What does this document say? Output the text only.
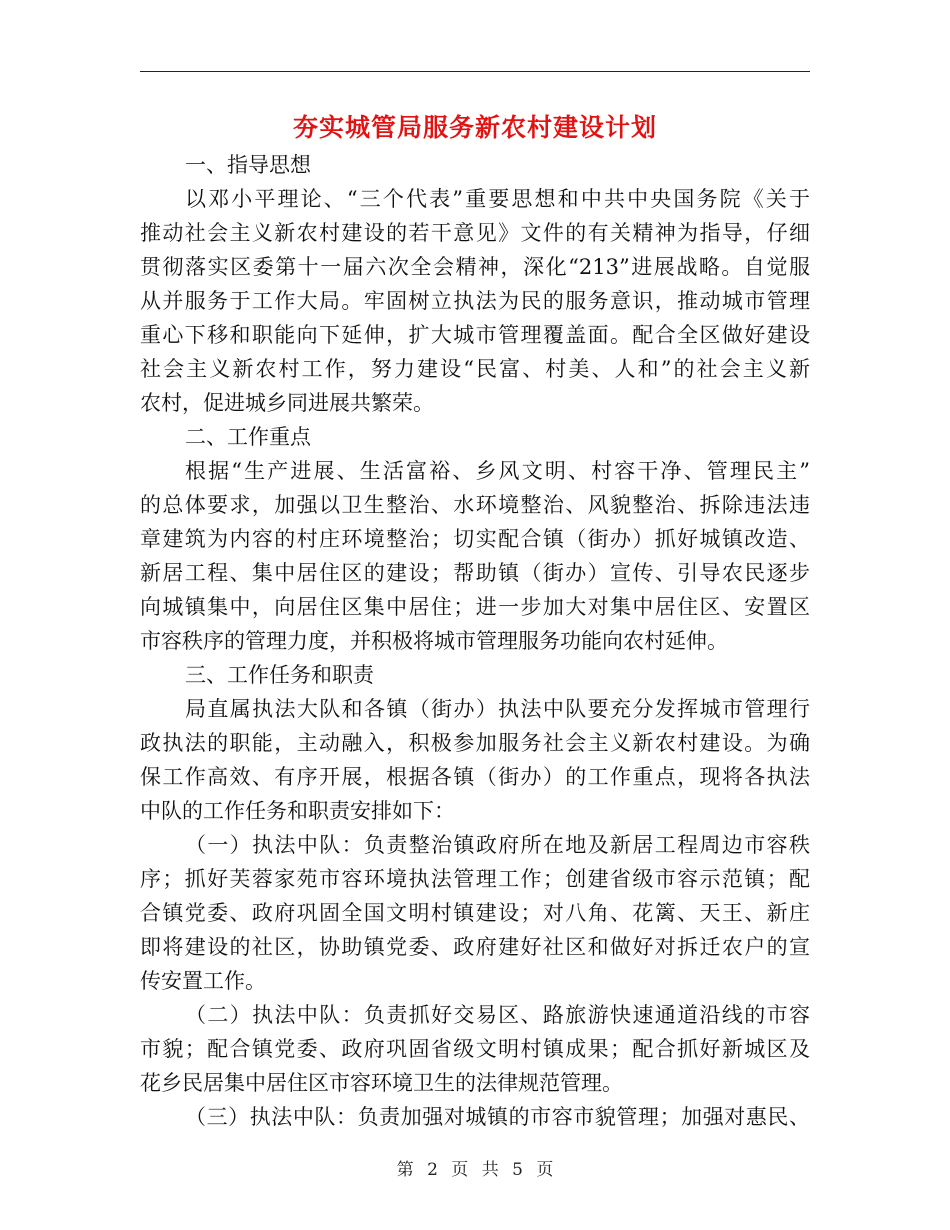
夯实城管局服务新农村建设计划
一、指导思想
以邓小平理论、“三个代表”重要思想和中共中央国务院《关于
推动社会主义新农村建设的若干意见》文件的有关精神为指导，仔细
贯彻落实区委第十一届六次全会精神，深化“213”进展战略。自觉服
从并服务于工作大局。牢固树立执法为民的服务意识，推动城市管理
重心下移和职能向下延伸，扩大城市管理覆盖面。配合全区做好建设
社会主义新农村工作，努力建设“民富、村美、人和”的社会主义新
农村，促进城乡同进展共繁荣。
二、工作重点
根据“生产进展、生活富裕、乡风文明、村容干净、管理民主”
的总体要求，加强以卫生整治、水环境整治、风貌整治、拆除违法违
章建筑为内容的村庄环境整治；切实配合镇（街办）抓好城镇改造、
新居工程、集中居住区的建设；帮助镇（街办）宣传、引导农民逐步
向城镇集中，向居住区集中居住；进一步加大对集中居住区、安置区
市容秩序的管理力度，并积极将城市管理服务功能向农村延伸。
三、工作任务和职责
局直属执法大队和各镇（街办）执法中队要充分发挥城市管理行
政执法的职能，主动融入，积极参加服务社会主义新农村建设。为确
保工作高效、有序开展，根据各镇（街办）的工作重点，现将各执法
中队的工作任务和职责安排如下：
（一）执法中队：负责整治镇政府所在地及新居工程周边市容秩
序；抓好芙蓉家苑市容环境执法管理工作；创建省级市容示范镇；配
合镇党委、政府巩固全国文明村镇建设；对八角、花篱、天王、新庄
即将建设的社区，协助镇党委、政府建好社区和做好对拆迁农户的宣
传安置工作。
（二）执法中队：负责抓好交易区、路旅游快速通道沿线的市容
市貌；配合镇党委、政府巩固省级文明村镇成果；配合抓好新城区及
花乡民居集中居住区市容环境卫生的法律规范管理。
（三）执法中队：负责加强对城镇的市容市貌管理；加强对惠民、
第 2 页 共 5 页
